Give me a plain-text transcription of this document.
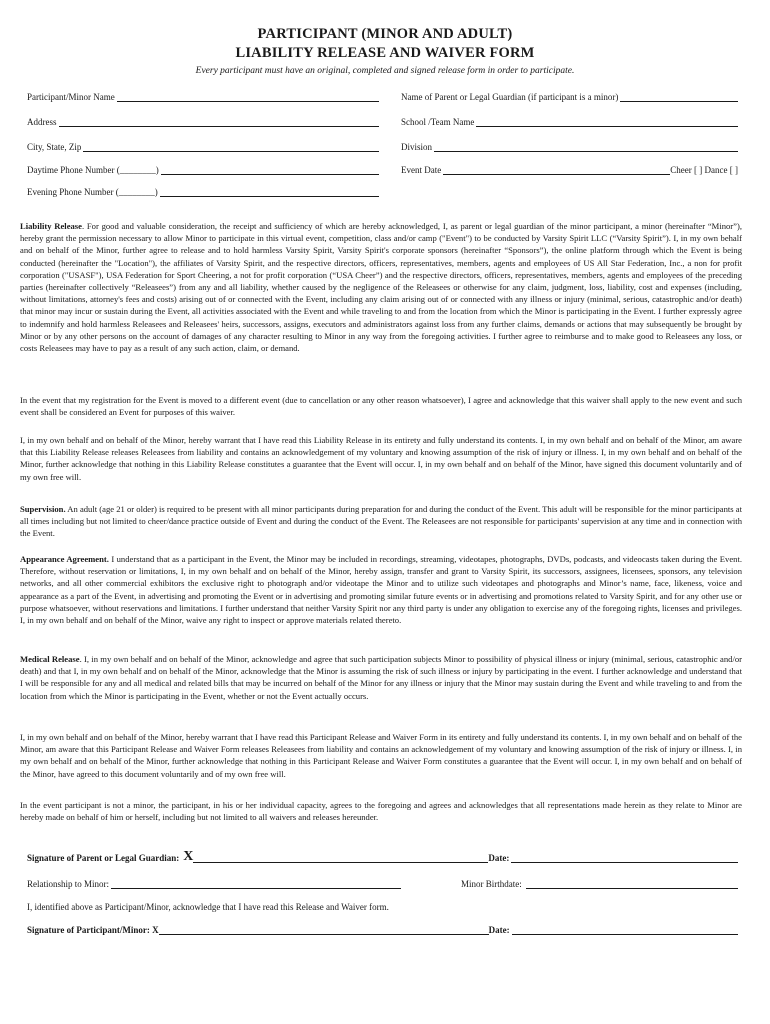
PARTICIPANT (MINOR AND ADULT)
LIABILITY RELEASE AND WAIVER FORM
Every participant must have an original, completed and signed release form in order to participate.
Participant/Minor Name	Name of Parent or Legal Guardian (if participant is a minor)
Address	School /Team Name
City, State, Zip	Division
Daytime Phone Number (________)	Event Date	Cheer [ ] Dance [ ]
Evening Phone Number (________)

Liability Release. For good and valuable consideration, the receipt and sufficiency of which are hereby acknowledged, I, as parent or legal guardian of the minor participant, a minor (hereinafter “Minor”), hereby grant the permission necessary to allow Minor to participate in this virtual event, competition, class and/or camp ("Event") to be conducted by Varsity Spirit LLC (“Varsity Spirit”). I, in my own behalf and on behalf of the Minor, further agree to release and to hold harmless Varsity Spirit, Varsity Spirit's corporate sponsors (hereinafter “Sponsors”), the online platform through which the Event is being conducted (hereinafter the "Location"), the affiliates of Varsity Spirit, and the respective directors, officers, representatives, members, agents and employees of US All Star Federation, Inc., a non for profit corporation ("USASF"), USA Federation for Sport Cheering, a not for profit corporation (“USA Cheer”) and the respective directors, officers, representatives, members, agents and employees of the preceding parties (hereinafter collectively “Releasees”) from any and all liability, whether caused by the negligence of the Releasees or otherwise for any claim, judgment, loss, liability, cost and expenses (including, without limitations, attorney's fees and costs) arising out of or connected with the Event, including any claim arising out of or connected with any illness or injury (minimal, serious, catastrophic and/or death) that minor may incur or sustain during the Event, all activities associated with the Event and while traveling to and from the location from which the Minor is participating in the Event. I further expressly agree to indemnify and hold harmless Releasees and Releasees' heirs, successors, assigns, executors and administrators against loss from any further claims, demands or actions that may subsequently be brought by Minor or by any other persons on the account of damages of any character resulting to Minor in any way from the foregoing activities. I further agree to reimburse and to make good to Releasees any loss, or costs Releasees may have to pay as a result of any such action, claim, or demand.

In the event that my registration for the Event is moved to a different event (due to cancellation or any other reason whatsoever), I agree and acknowledge that this waiver shall apply to the new event and such event shall be considered an Event for purposes of this waiver.

I, in my own behalf and on behalf of the Minor, hereby warrant that I have read this Liability Release in its entirety and fully understand its contents. I, in my own behalf and on behalf of the Minor, am aware that this Liability Release releases Releasees from liability and contains an acknowledgement of my voluntary and knowing assumption of the risk of injury or illness. I, in my own behalf and on behalf of the Minor, further acknowledge that nothing in this Liability Release constitutes a guarantee that the Event will occur. I, in my own behalf and on behalf of the Minor, have signed this document voluntarily and of my own free will.

Supervision. An adult (age 21 or older) is required to be present with all minor participants during preparation for and during the conduct of the Event. This adult will be responsible for the minor participants at all times including but not limited to cheer/dance practice outside of Event and during the conduct of the Event. The Releasees are not responsible for participants' supervision at any time and in connection with the Event.

Appearance Agreement. I understand that as a participant in the Event, the Minor may be included in recordings, streaming, videotapes, photographs, DVDs, podcasts, and videocasts taken during the Event. Therefore, without reservation or limitations, I, in my own behalf and on behalf of the Minor, hereby assign, transfer and grant to Varsity Spirit, its successors, assignees, licensees, sponsors, any television networks, and all other commercial exhibitors the exclusive right to photograph and/or videotape the Minor and to utilize such videotapes and photographs and Minor’s name, face, likeness, voice and appearance as a part of the Event, in advertising and promoting the Event or in advertising and promoting similar future events or in advertising and promotions related to Varsity Spirit, and for any other use or purpose whatsoever, without reservations and limitations. I further understand that neither Varsity Spirit nor any third party is under any obligation to exercise any of the foregoing rights, licenses and privileges. I, in my own behalf and on behalf of the Minor, waive any right to inspect or approve materials related thereto.

Medical Release. I, in my own behalf and on behalf of the Minor, acknowledge and agree that such participation subjects Minor to possibility of physical illness or injury (minimal, serious, catastrophic and/or death) and that I, in my own behalf and on behalf of the Minor, acknowledge that the Minor is assuming the risk of such illness or injury by participating in the event. I further acknowledge and understand that I will be responsible for any and all medical and related bills that may be incurred on behalf of the Minor for any illness or injury that the Minor may sustain during the Event and while traveling to and from the location from which the Minor is participating in the Event, whether or not the Event actually occurs.

I, in my own behalf and on behalf of the Minor, hereby warrant that I have read this Participant Release and Waiver Form in its entirety and fully understand its contents. I, in my own behalf and on behalf of the Minor, am aware that this Participant Release and Waiver Form releases Releasees from liability and contains an acknowledgement of my voluntary and knowing assumption of the risk of injury or illness. I, in my own behalf and on behalf of the Minor, further acknowledge that nothing in this Participant Release and Waiver Form constitutes a guarantee that the Event will occur. I, in my own behalf and on behalf of the Minor, have agreed to this document voluntarily and of my own free will.

In the event participant is not a minor, the participant, in his or her individual capacity, agrees to the foregoing and agrees and acknowledges that all representations made herein as they relate to Minor are hereby made on behalf of him or herself, including but not limited to all waivers and releases hereunder.

Signature of Parent or Legal Guardian: X	Date:
Relationship to Minor:	Minor Birthdate:
I, identified above as Participant/Minor, acknowledge that I have read this Release and Waiver form.
Signature of Participant/Minor: X	Date:
